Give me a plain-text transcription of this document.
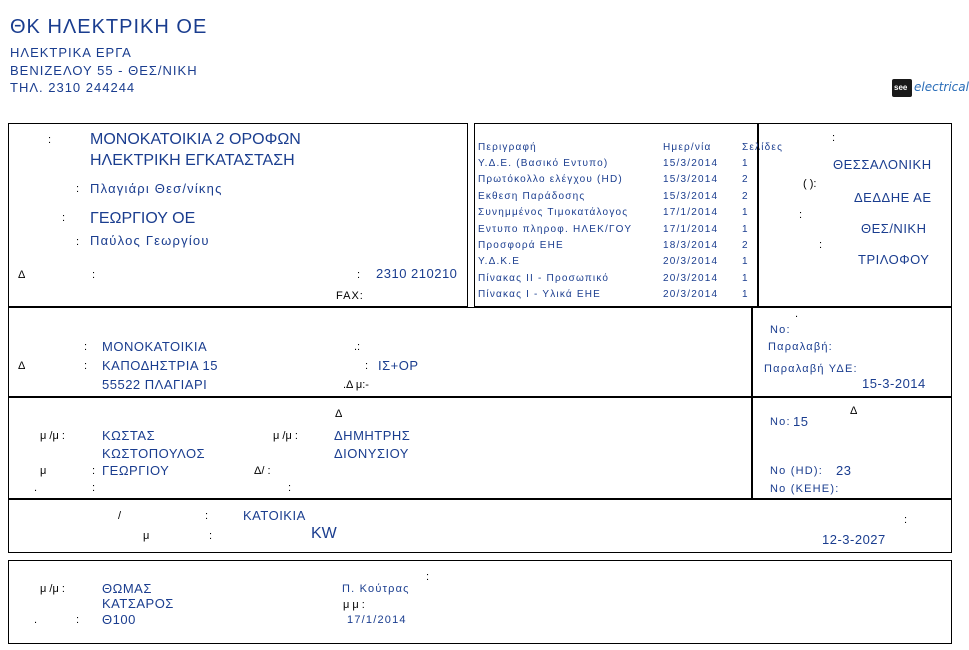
ΘΚ ΗΛΕΚΤΡΙΚΗ ΟΕ
ΗΛΕΚΤΡΙΚΑ ΕΡΓΑ
ΒΕΝΙΖΕΛΟΥ 55 - ΘΕΣ/ΝΙΚΗ
ΤΗΛ. 2310 244244	see electrical
: ΜΟΝΟΚΑΤΟΙΚΙΑ 2 ΟΡΟΦΩΝ
ΗΛΕΚΤΡΙΚΗ ΕΓΚΑΤΑΣΤΑΣΗ
: Πλαγιάρι Θεσ/νίκης
: ΓΕΩΡΓΙΟΥ ΟΕ
: Παύλος Γεωργίου
Δ	:	: 2310 210210
FAX:
Περιγραφή	Ημερ/νία	Σελίδες
Υ.Δ.Ε. (Βασικό Εντυπο)	15/3/2014 1
Πρωτόκολλο ελέγχου (HD)	15/3/2014 2
Εκθεση Παράδοσης	15/3/2014 2
Συνημμένος Τιμοκατάλογος	17/1/2014 1
Εντυπο πληροφ. ΗΛΕΚ/ΓΟΥ	17/1/2014 1
Προσφορά ΕΗΕ	18/3/2014 2
Υ.Δ.Κ.Ε	20/3/2014 1
Πίνακας ΙΙ - Προσωπικό	20/3/2014 1
Πίνακας Ι - Υλικά ΕΗΕ	20/3/2014 1
:
ΘΕΣΣΑΛΟΝΙΚΗ
( ):
ΔΕΔΔΗΕ ΑΕ
:
ΘΕΣ/ΝΙΚΗ
:
ΤΡΙΛΟΦΟΥ
: ΜΟΝΟΚΑΤΟΙΚΙΑ
Δ	: ΚΑΠΟΔΗΣΤΡΙΑ 15
55522 ΠΛΑΓΙΑΡΙ
.:
: ΙΣ+ΟΡ
.Δ μ:-
.
Νο:
Παραλαβή:
Παραλαβή ΥΔΕ:
15-3-2014
μ /μ :	ΚΩΣΤΑΣ
ΚΩΣΤΟΠΟΥΛΟΣ
μ	: ΓΕΩΡΓΙΟΥ
.	:
Δ
μ /μ :	ΔΗΜΗΤΡΗΣ
ΔΙΟΝΥΣΙΟΥ
Δ/ :
:
Δ
Νο: 15
Νο (HD): 23
Νο (ΚΕΗΕ):
/	:	ΚΑΤΟΙΚΙΑ
μ	:	KW
:
12-3-2027
μ /μ :	ΘΩΜΑΣ
ΚΑΤΣΑΡΟΣ
.	: Θ100
:
Π. Κούτρας
μ μ :
17/1/2014
